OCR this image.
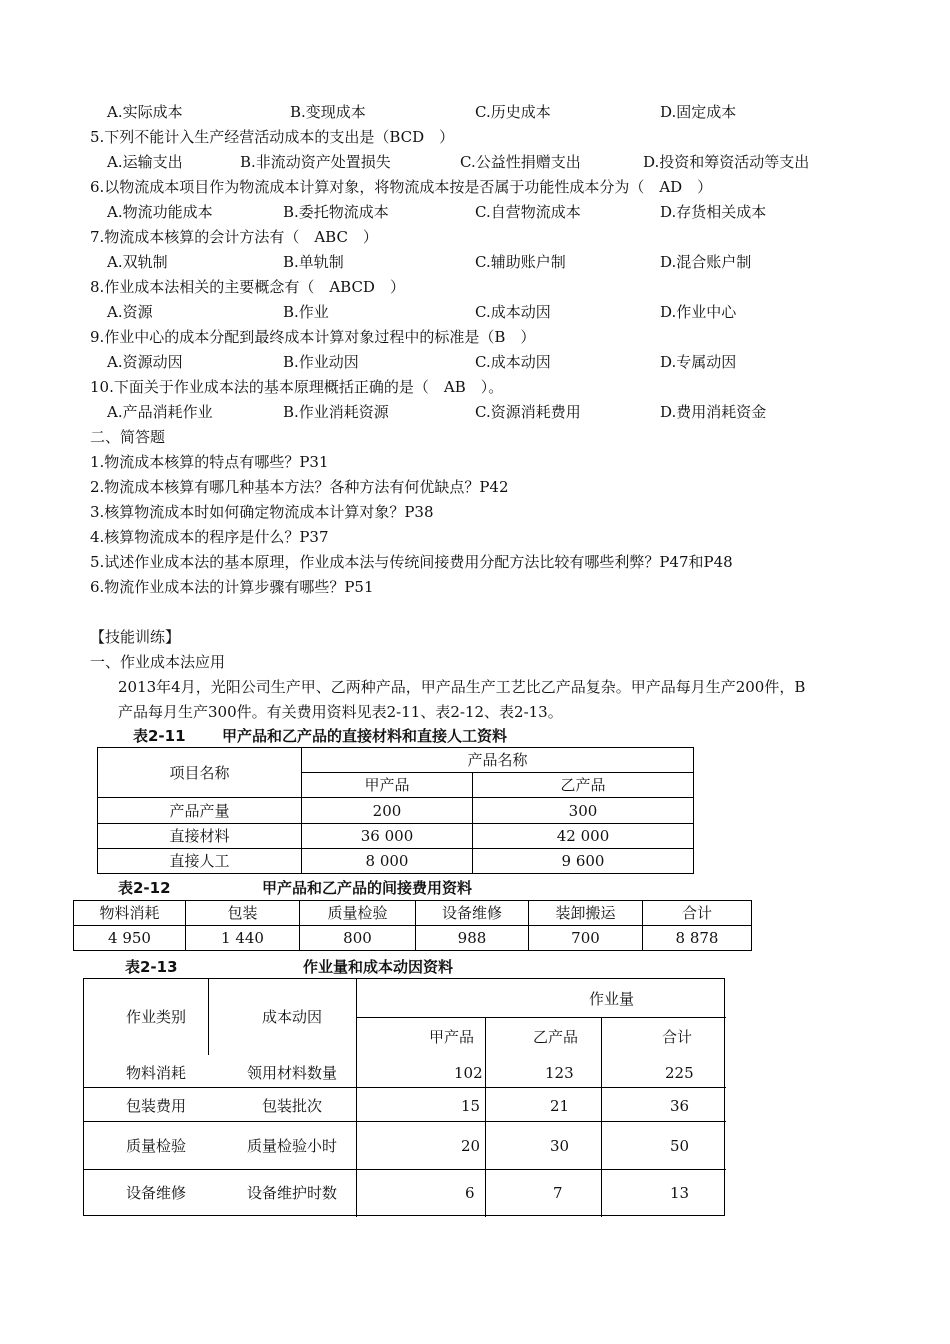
A.实际成本	B.变现成本	C.历史成本	D.固定成本
5.下列不能计入生产经营活动成本的支出是（BCD　）
A.运输支出	B.非流动资产处置损失	C.公益性捐赠支出	D.投资和筹资活动等支出
6.以物流成本项目作为物流成本计算对象，将物流成本按是否属于功能性成本分为（　AD　）
A.物流功能成本	B.委托物流成本	C.自营物流成本	D.存货相关成本
7.物流成本核算的会计方法有（　ABC　）
A.双轨制	B.单轨制	C.辅助账户制	D.混合账户制
8.作业成本法相关的主要概念有（　ABCD　）
A.资源	B.作业	C.成本动因	D.作业中心
9.作业中心的成本分配到最终成本计算对象过程中的标准是（B　）
A.资源动因	B.作业动因	C.成本动因	D.专属动因
10.下面关于作业成本法的基本原理概括正确的是（　AB　）。
A.产品消耗作业	B.作业消耗资源	C.资源消耗费用	D.费用消耗资金
二、简答题
1.物流成本核算的特点有哪些？P31
2.物流成本核算有哪几种基本方法？各种方法有何优缺点？P42
3.核算物流成本时如何确定物流成本计算对象？P38
4.核算物流成本的程序是什么？P37
5.试述作业成本法的基本原理，作业成本法与传统间接费用分配方法比较有哪些利弊？P47和P48
6.物流作业成本法的计算步骤有哪些？P51
【技能训练】
一、作业成本法应用
2013年4月，光阳公司生产甲、乙两种产品，甲产品生产工艺比乙产品复杂。甲产品每月生产200件，B
产品每月生产300件。有关费用资料见表2-11、表2-12、表2-13。
表2-11 甲产品和乙产品的直接材料和直接人工资料
项目名称	产品名称	
	甲产品	乙产品
产品产量	200	300
直接材料	36 000	42 000
直接人工	8 000	9 600
表2-12	甲产品和乙产品的间接费用资料
物料消耗	包装	质量检验	设备维修	装卸搬运	合计
4 950	1 440	800	988	700	8 878
表2-13	作业量和成本动因资料
作业类别	成本动因
作业量
甲产品	乙产品	合计
物料消耗	领用材料数量	102	123	225
包装费用	包装批次	15	21	36
质量检验	质量检验小时	20	30	50
设备维修	设备维护时数	6	7	13
